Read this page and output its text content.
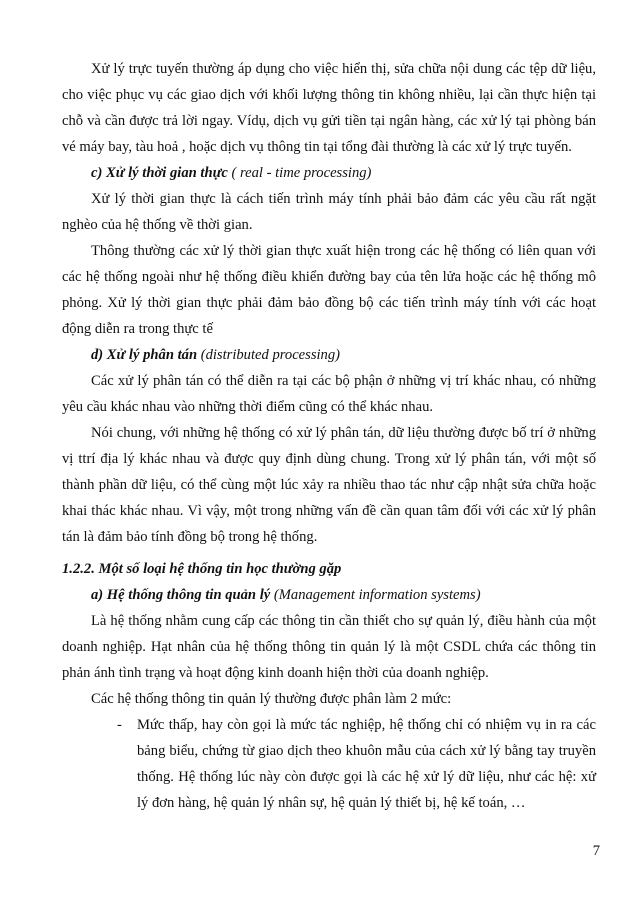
Xử lý trực tuyến thường áp dụng cho việc hiển thị, sửa chữa nội dung các tệp dữ liệu, cho việc phục vụ các giao dịch với khối lượng thông tin không nhiều, lại cần thực hiện tại chỗ và cần được trả lời ngay. Vídụ, dịch vụ gửi tiền tại ngân hàng, các xử lý tại phòng bán vé máy bay, tàu hoả , hoặc dịch vụ thông tin tại tổng đài thường là các xử lý trực tuyến.

c) Xử lý thời gian thực ( real - time processing)

Xử lý thời gian thực là cách tiến trình máy tính phải bảo đảm các yêu cầu rất ngặt nghèo của hệ thống về thời gian.

Thông thường các xử lý thời gian thực xuất hiện trong các hệ thống có liên quan với các hệ thống ngoài như hệ thống điều khiển đường bay của tên lửa hoặc các hệ thống mô phỏng. Xử lý thời gian thực phải đảm bảo đồng bộ các tiến trình máy tính với các hoạt động diễn ra trong thực tế

d) Xử lý phân tán (distributed processing)

Các xử lý phân tán có thể diễn ra tại các bộ phận ở những vị trí khác nhau, có những yêu cầu khác nhau vào những thời điểm cũng có thể khác nhau.

Nói chung, với những hệ thống có xử lý phân tán, dữ liệu thường được bố trí ở những vị ttrí địa lý khác nhau và được quy định dùng chung. Trong xử lý phân tán, với một số thành phần dữ liệu, có thể cùng một lúc xảy ra nhiều thao tác như cập nhật sửa chữa hoặc khai thác khác nhau. Vì vậy, một trong những vấn đề cần quan tâm đối với các xử lý phân tán là đảm bảo tính đồng bộ trong hệ thống.

1.2.2. Một số loại hệ thống tin học thường gặp
a) Hệ thống thông tin quản lý (Management information systems)

Là hệ thống nhằm cung cấp các thông tin cần thiết cho sự quản lý, điều hành của một doanh nghiệp. Hạt nhân của hệ thống thông tin quản lý là một CSDL chứa các thông tin phản ánh tình trạng và hoạt động kinh doanh hiện thời của doanh nghiệp.

Các hệ thống thông tin quản lý thường được phân làm 2 mức:

- Mức thấp, hay còn gọi là mức tác nghiệp, hệ thống chỉ có nhiệm vụ in ra các bảng biểu, chứng từ giao dịch theo khuôn mẫu của cách xử lý bằng tay truyền thống. Hệ thống lúc này còn được gọi là các hệ xử lý dữ liệu, như các hệ: xử lý đơn hàng, hệ quản lý nhân sự, hệ quản lý thiết bị, hệ kế toán, …
7
